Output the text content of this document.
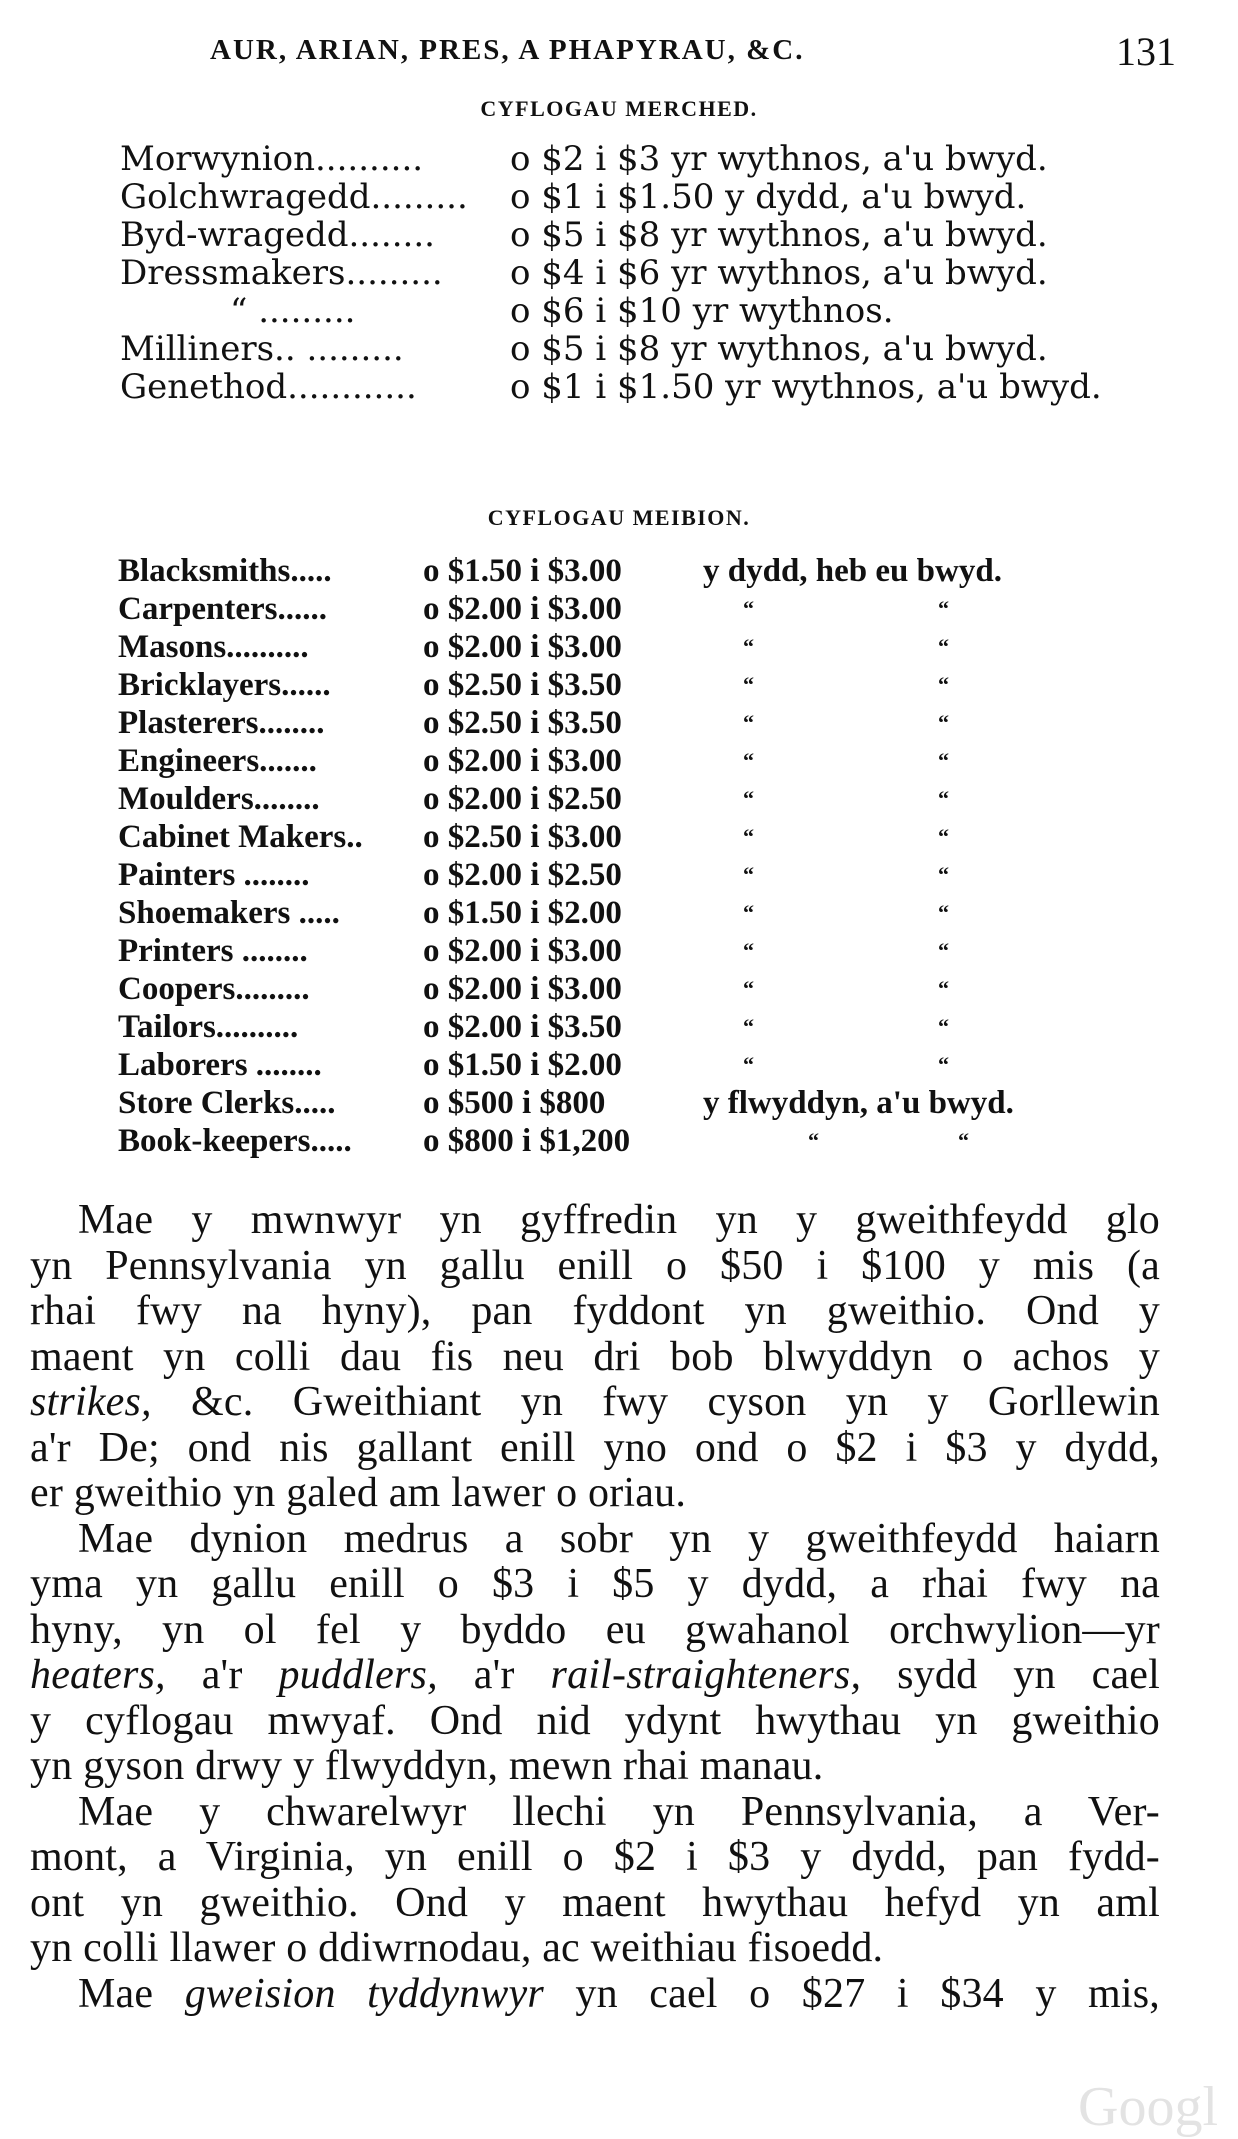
AUR, ARIAN, PRES, A PHAPYRAU, &C.	131
CYFLOGAU MERCHED.
Morwynion..........	o $2 i $3 yr wythnos, a'u bwyd.
Golchwragedd......... o $1 i $1.50 y dydd, a'u bwyd.
Byd-wragedd........ o $5 i $8 yr wythnos, a'u bwyd.
Dressmakers......... o $4 i $6 yr wythnos, a'u bwyd.
“ .........	o $6 i $10 yr wythnos.
Milliners.. .........	o $5 i $8 yr wythnos, a'u bwyd.
Genethod............	o $1 i $1.50 yr wythnos, a'u bwyd.
CYFLOGAU MEIBION.
Blacksmiths.....	o $1.50 i $3.00 y dydd, heb eu bwyd.
Carpenters......	o $2.00 i $3.00	“	“
Masons..........	o $2.00 i $3.00	“	“
Bricklayers......	o $2.50 i $3.50	“	“
Plasterers........	o $2.50 i $3.50	“	“
Engineers.......	o $2.00 i $3.00	“	“
Moulders........	o $2.00 i $2.50	“	“
Cabinet Makers.. o $2.50 i $3.00	“	“
Painters ........	o $2.00 i $2.50	“	“
Shoemakers .....	o $1.50 i $2.00	“	“
Printers ........	o $2.00 i $3.00	“	“
Coopers.........	o $2.00 i $3.00	“	“
Tailors..........	o $2.00 i $3.50	“	“
Laborers ........	o $1.50 i $2.00	“	“
Store Clerks.....	o $500 i $800	y flwyddyn, a'u bwyd.
Book-keepers..... o $800 i $1,200	“	“

Mae y mwnwyr yn gyffredin yn y gweithfeydd glo
yn Pennsylvania yn gallu enill o $50 i $100 y mis (a
rhai fwy na hyny), pan fyddont yn gweithio. Ond y
maent yn colli dau fis neu dri bob blwyddyn o achos y
strikes, &c. Gweithiant yn fwy cyson yn y Gorllewin
a'r De; ond nis gallant enill yno ond o $2 i $3 y dydd,
er gweithio yn galed am lawer o oriau.

Mae dynion medrus a sobr yn y gweithfeydd haiarn
yma yn gallu enill o $3 i $5 y dydd, a rhai fwy na
hyny, yn ol fel y byddo eu gwahanol orchwylion—yr
heaters, a'r puddlers, a'r rail-straighteners, sydd yn cael
y cyflogau mwyaf. Ond nid ydynt hwythau yn gweithio
yn gyson drwy y flwyddyn, mewn rhai manau.

Mae y chwarelwyr llechi yn Pennsylvania, a Ver-
mont, a Virginia, yn enill o $2 i $3 y dydd, pan fydd-
ont yn gweithio. Ond y maent hwythau hefyd yn aml
yn colli llawer o ddiwrnodau, ac weithiau fisoedd.

Mae gweision tyddynwyr yn cael o $27 i $34 y mis,

Googl
